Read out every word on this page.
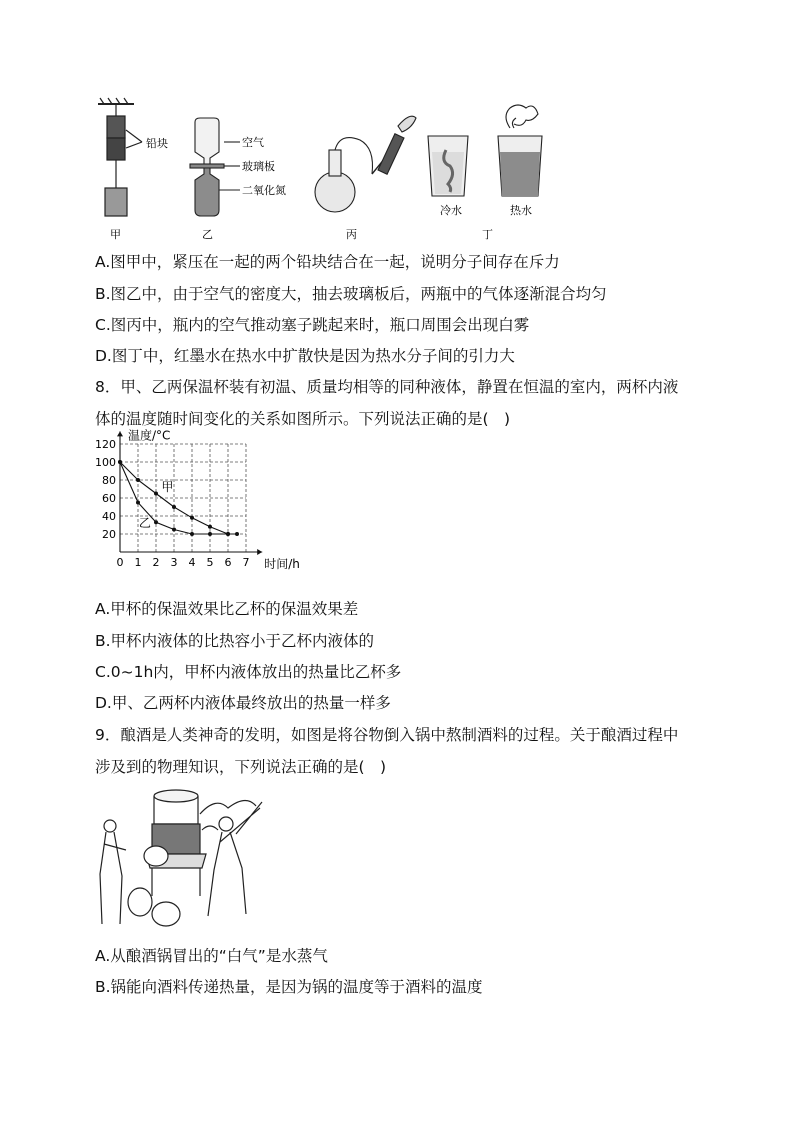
铅块	空气
玻璃板
二氧化氮
冷水	热水
甲	乙	丙	丁
A.图甲中，紧压在一起的两个铅块结合在一起，说明分子间存在斥力
B.图乙中，由于空气的密度大，抽去玻璃板后，两瓶中的气体逐渐混合均匀
C.图丙中，瓶内的空气推动塞子跳起来时，瓶口周围会出现白雾
D.图丁中，红墨水在热水中扩散快是因为热水分子间的引力大
8．甲、乙两保温杯装有初温、质量均相等的同种液体，静置在恒温的室内，两杯内液
体的温度随时间变化的关系如图所示。下列说法正确的是(　)
0 1 2 3 4 5 6 7
20
40
60
80
100
120
温度/°C
时间/h
甲
乙
A.甲杯的保温效果比乙杯的保温效果差
B.甲杯内液体的比热容小于乙杯内液体的
C.0~1h内，甲杯内液体放出的热量比乙杯多
D.甲、乙两杯内液体最终放出的热量一样多
9．酿酒是人类神奇的发明，如图是将谷物倒入锅中熬制酒料的过程。关于酿酒过程中
涉及到的物理知识，下列说法正确的是(　)
A.从酿酒锅冒出的“白气”是水蒸气
B.锅能向酒料传递热量，是因为锅的温度等于酒料的温度
